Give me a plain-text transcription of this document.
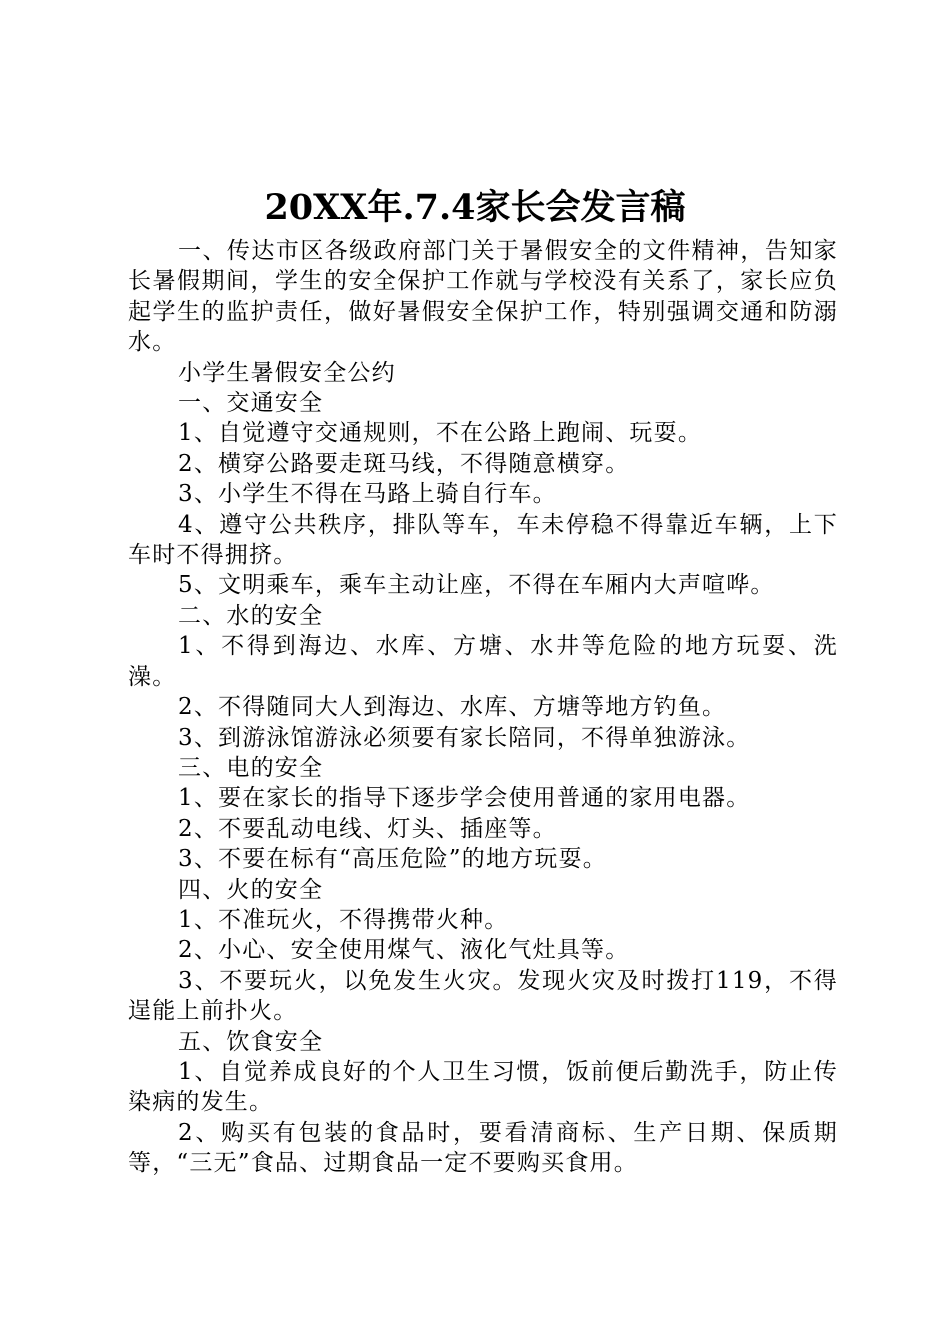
20XX年.7.4家长会发言稿

一、传达市区各级政府部门关于暑假安全的文件精神，告知家长暑假期间，学生的安全保护工作就与学校没有关系了，家长应负起学生的监护责任，做好暑假安全保护工作，特别强调交通和防溺水。

小学生暑假安全公约

一、交通安全

1、自觉遵守交通规则，不在公路上跑闹、玩耍。

2、横穿公路要走斑马线，不得随意横穿。

3、小学生不得在马路上骑自行车。

4、遵守公共秩序，排队等车，车未停稳不得靠近车辆，上下车时不得拥挤。

5、文明乘车，乘车主动让座，不得在车厢内大声喧哗。

二、水的安全

1、不得到海边、水库、方塘、水井等危险的地方玩耍、洗澡。

2、不得随同大人到海边、水库、方塘等地方钓鱼。

3、到游泳馆游泳必须要有家长陪同，不得单独游泳。

三、电的安全

1、要在家长的指导下逐步学会使用普通的家用电器。

2、不要乱动电线、灯头、插座等。

3、不要在标有“高压危险”的地方玩耍。

四、火的安全

1、不准玩火，不得携带火种。

2、小心、安全使用煤气、液化气灶具等。

3、不要玩火，以免发生火灾。发现火灾及时拨打119，不得逞能上前扑火。

五、饮食安全

1、自觉养成良好的个人卫生习惯，饭前便后勤洗手，防止传染病的发生。

2、购买有包装的食品时，要看清商标、生产日期、保质期等，“三无”食品、过期食品一定不要购买食用。
